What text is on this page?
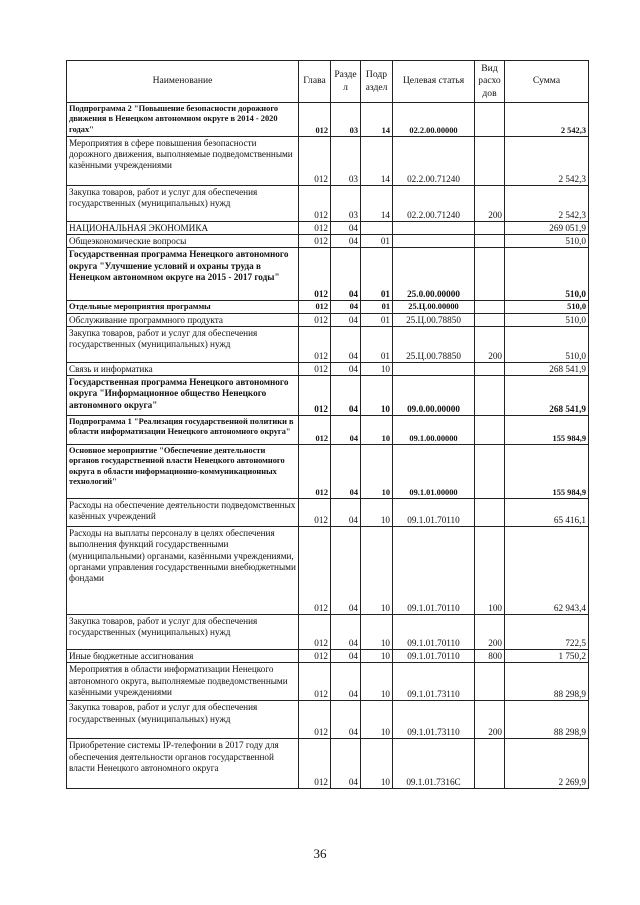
Наименование	Глава	Разде л	Подр аздел	Целевая статья	Вид расхо дов	Сумма
Подпрограмма 2 "Повышение безопасности дорожного движения в Ненецком автономном округе в 2014 - 2020 годах"	012	03	14	02.2.00.00000		2 542,3
Мероприятия в сфере повышения безопасности дорожного движения, выполняемые подведомственными казёнными учреждениями	012	03	14	02.2.00.71240		2 542,3
Закупка товаров, работ и услуг для обеспечения государственных (муниципальных) нужд	012	03	14	02.2.00.71240	200	2 542,3
НАЦИОНАЛЬНАЯ ЭКОНОМИКА	012	04				269 051,9
Общеэкономические вопросы	012	04	01			510,0
Государственная программа Ненецкого автономного округа "Улучшение условий и охраны труда в Ненецком автономном округе на 2015 - 2017 годы"	012	04	01	25.0.00.00000		510,0
Отдельные мероприятия программы	012	04	01	25.Ц.00.00000		510,0
Обслуживание программного продукта	012	04	01	25.Ц.00.78850		510,0
Закупка товаров, работ и услуг для обеспечения государственных (муниципальных) нужд	012	04	01	25.Ц.00.78850	200	510,0
Связь и информатика	012	04	10			268 541,9
Государственная программа Ненецкого автономного округа "Информационное общество Ненецкого автономного округа"	012	04	10	09.0.00.00000		268 541,9
Подпрограмма 1 "Реализация государственной политики в области информатизации Ненецкого автономного округа"	012	04	10	09.1.00.00000		155 984,9
Основное мероприятие "Обеспечение деятельности органов государственной власти Ненецкого автономного округа в области информационно-коммуникационных технологий"	012	04	10	09.1.01.00000		155 984,9
Расходы на обеспечение деятельности подведомственных казённых учреждений	012	04	10	09.1.01.70110		65 416,1
Расходы на выплаты персоналу в целях обеспечения выполнения функций государственными (муниципальными) органами, казёнными учреждениями, органами управления государственными внебюджетными фондами	012	04	10	09.1.01.70110	100	62 943,4
Закупка товаров, работ и услуг для обеспечения государственных (муниципальных) нужд	012	04	10	09.1.01.70110	200	722,5
Иные бюджетные ассигнования	012	04	10	09.1.01.70110	800	1 750,2
Мероприятия в области информатизации Ненецкого автономного округа, выполняемые подведомственными казёнными учреждениями	012	04	10	09.1.01.73110		88 298,9
Закупка товаров, работ и услуг для обеспечения государственных (муниципальных) нужд	012	04	10	09.1.01.73110	200	88 298,9
Приобретение системы IP-телефонии в 2017 году для обеспечения деятельности органов государственной власти Ненецкого автономного округа	012	04	10	09.1.01.7316С		2 269,9
36
